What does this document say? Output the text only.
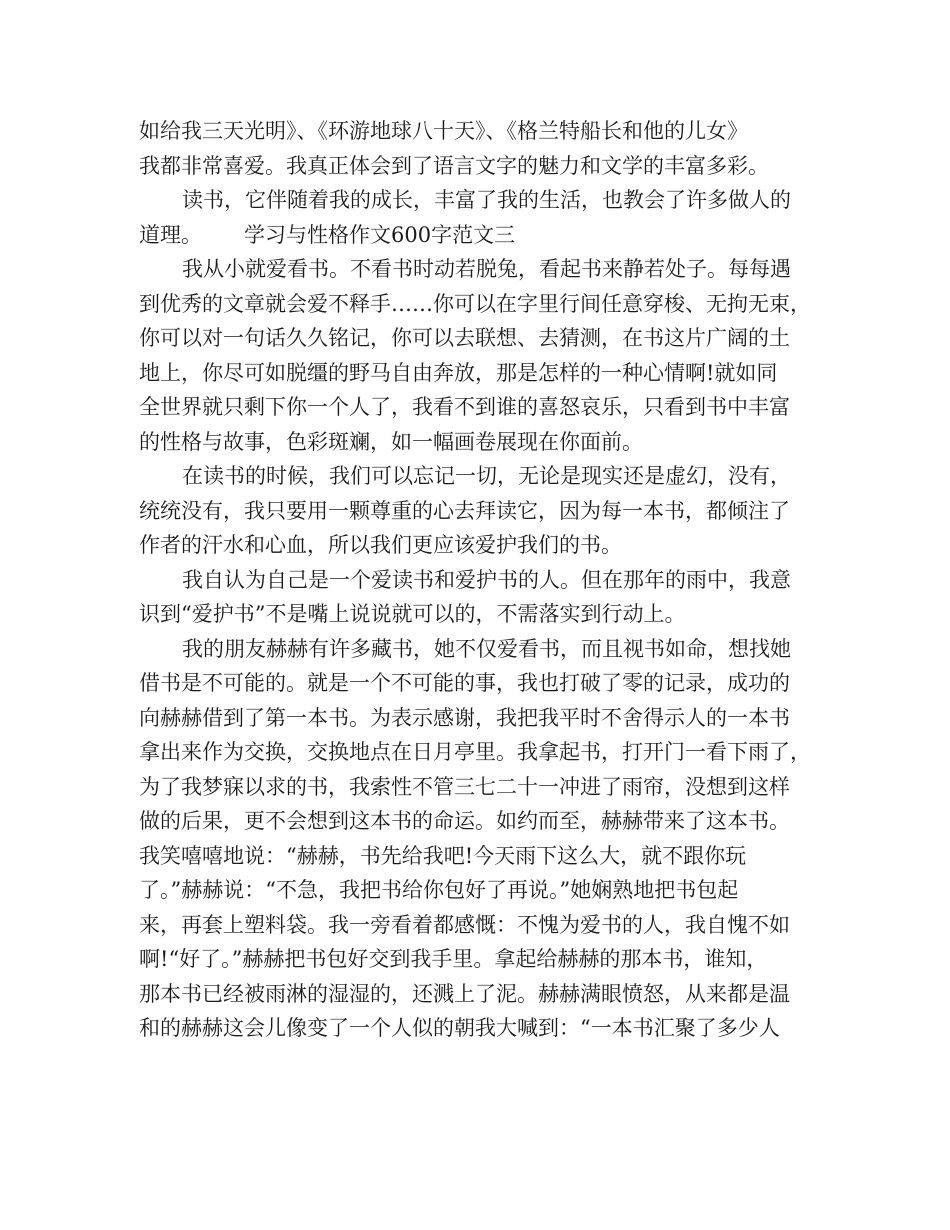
如给我三天光明》、《环游地球八十天》、《格兰特船长和他的儿女》
我都非常喜爱。我真正体会到了语言文字的魅力和文学的丰富多彩。
读书，它伴随着我的成长，丰富了我的生活，也教会了许多做人的
道理。 学习与性格作文600字范文三
我从小就爱看书。不看书时动若脱兔，看起书来静若处子。每每遇
到优秀的文章就会爱不释手……你可以在字里行间任意穿梭、无拘无束，
你可以对一句话久久铭记，你可以去联想、去猜测，在书这片广阔的土
地上，你尽可如脱缰的野马自由奔放，那是怎样的一种心情啊!就如同
全世界就只剩下你一个人了，我看不到谁的喜怒哀乐，只看到书中丰富
的性格与故事，色彩斑斓，如一幅画卷展现在你面前。
在读书的时候，我们可以忘记一切，无论是现实还是虚幻，没有，
统统没有，我只要用一颗尊重的心去拜读它，因为每一本书，都倾注了
作者的汗水和心血，所以我们更应该爱护我们的书。
我自认为自己是一个爱读书和爱护书的人。但在那年的雨中，我意
识到“爱护书”不是嘴上说说就可以的，不需落实到行动上。
我的朋友赫赫有许多藏书，她不仅爱看书，而且视书如命，想找她
借书是不可能的。就是一个不可能的事，我也打破了零的记录，成功的
向赫赫借到了第一本书。为表示感谢，我把我平时不舍得示人的一本书
拿出来作为交换，交换地点在日月亭里。我拿起书，打开门一看下雨了，
为了我梦寐以求的书，我索性不管三七二十一冲进了雨帘，没想到这样
做的后果，更不会想到这本书的命运。如约而至，赫赫带来了这本书。
我笑嘻嘻地说：“赫赫，书先给我吧!今天雨下这么大，就不跟你玩
了。”赫赫说：“不急，我把书给你包好了再说。”她娴熟地把书包起
来，再套上塑料袋。我一旁看着都感慨：不愧为爱书的人，我自愧不如
啊!“好了。”赫赫把书包好交到我手里。拿起给赫赫的那本书，谁知，
那本书已经被雨淋的湿湿的，还溅上了泥。赫赫满眼愤怒，从来都是温
和的赫赫这会儿像变了一个人似的朝我大喊到：“一本书汇聚了多少人
